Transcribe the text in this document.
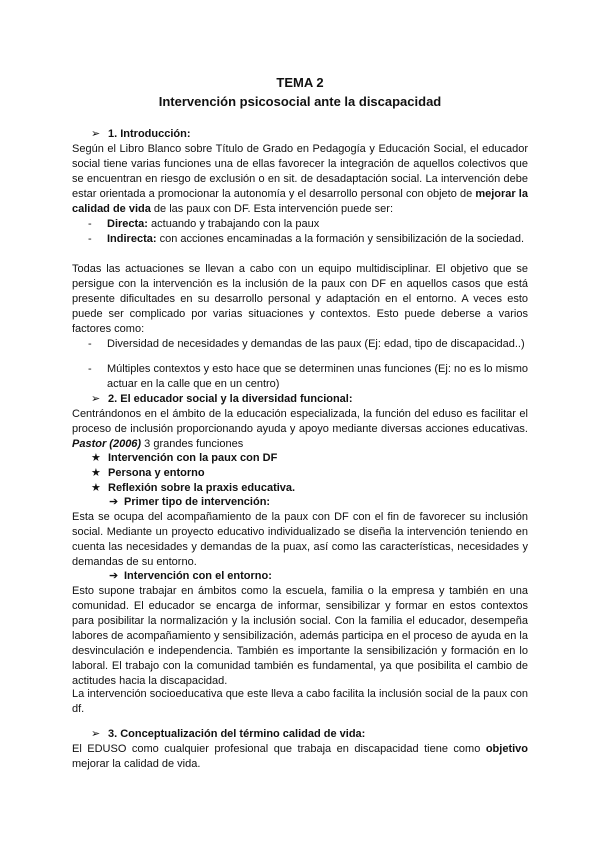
TEMA 2
Intervención psicosocial ante la discapacidad
➢ 1. Introducción:
Según el Libro Blanco sobre Título de Grado en Pedagogía y Educación Social, el educador social tiene varias funciones una de ellas favorecer la integración de aquellos colectivos que se encuentran en riesgo de exclusión o en sit. de desadaptación social. La intervención debe estar orientada a promocionar la autonomía y el desarrollo personal con objeto de mejorar la calidad de vida de las paux con DF. Esta intervención puede ser:
- Directa: actuando y trabajando con la paux
- Indirecta: con acciones encaminadas a la formación y sensibilización de la sociedad.
Todas las actuaciones se llevan a cabo con un equipo multidisciplinar. El objetivo que se persigue con la intervención es la inclusión de la paux con DF en aquellos casos que está presente dificultades en su desarrollo personal y adaptación en el entorno. A veces esto puede ser complicado por varias situaciones y contextos. Esto puede deberse a varios factores como:
- Diversidad de necesidades y demandas de las paux (Ej: edad, tipo de discapacidad..)
- Múltiples contextos y esto hace que se determinen unas funciones (Ej: no es lo mismo actuar en la calle que en un centro)
➢ 2. El educador social y la diversidad funcional:
Centrándonos en el ámbito de la educación especializada, la función del eduso es facilitar el proceso de inclusión proporcionando ayuda y apoyo mediante diversas acciones educativas. Pastor (2006) 3 grandes funciones
★ Intervención con la paux con DF
★ Persona y entorno
★ Reflexión sobre la praxis educativa.
➔ Primer tipo de intervención:
Esta se ocupa del acompañamiento de la paux con DF con el fin de favorecer su inclusión social. Mediante un proyecto educativo individualizado se diseña la intervención teniendo en cuenta las necesidades y demandas de la puax, así como las características, necesidades y demandas de su entorno.
➔ Intervención con el entorno:
Esto supone trabajar en ámbitos como la escuela, familia o la empresa y también en una comunidad. El educador se encarga de informar, sensibilizar y formar en estos contextos para posibilitar la normalización y la inclusión social. Con la familia el educador, desempeña labores de acompañamiento y sensibilización, además participa en el proceso de ayuda en la desvinculación e independencia. También es importante la sensibilización y formación en lo laboral. El trabajo con la comunidad también es fundamental, ya que posibilita el cambio de actitudes hacia la discapacidad.
La intervención socioeducativa que este lleva a cabo facilita la inclusión social de la paux con df.
➢ 3. Conceptualización del término calidad de vida:
El EDUSO como cualquier profesional que trabaja en discapacidad tiene como objetivo mejorar la calidad de vida.
